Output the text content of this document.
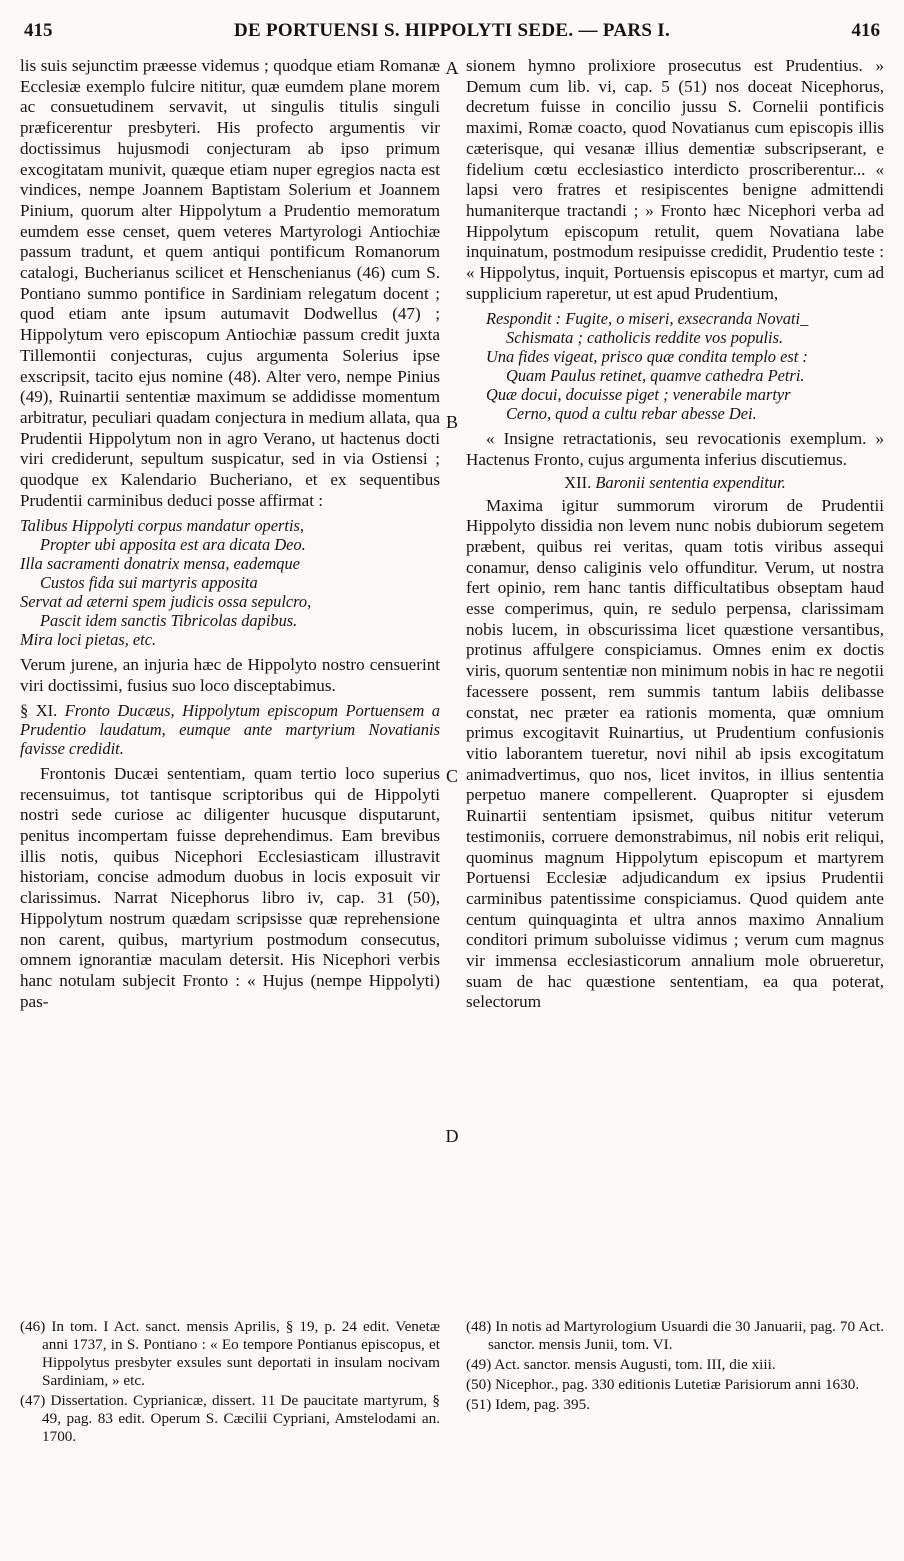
415	DE PORTUENSI S. HIPPOLYTI SEDE. — PARS I.	416
A
B
C
D

lis suis sejunctim præesse videmus ; quodque etiam Romanæ Ecclesiæ exemplo fulcire nititur, quæ eumdem plane morem ac consuetudinem servavit, ut singulis titulis singuli præficerentur presbyteri. His profecto argumentis vir doctissimus hujusmodi conjecturam ab ipso primum excogitatam munivit, quæque etiam nuper egregios nacta est vindices, nempe Joannem Baptistam Solerium et Joannem Pinium, quorum alter Hippolytum a Prudentio memoratum eumdem esse censet, quem veteres Martyrologi Antiochiæ passum tradunt, et quem antiqui pontificum Romanorum catalogi, Bucherianus scilicet et Henschenianus (46) cum S. Pontiano summo pontifice in Sardiniam relegatum docent ; quod etiam ante ipsum autumavit Dodwellus (47) ; Hippolytum vero episcopum Antiochiæ passum credit juxta Tillemontii conjecturas, cujus argumenta Solerius ipse exscripsit, tacito ejus nomine (48). Alter vero, nempe Pinius (49), Ruinartii sententiæ maximum se addidisse momentum arbitratur, peculiari quadam conjectura in medium allata, qua Prudentii Hippolytum non in agro Verano, ut hactenus docti viri crediderunt, sepultum suspicatur, sed in via Ostiensi ; quodque ex Kalendario Bucheriano, et ex sequentibus Prudentii carminibus deduci posse affirmat :

Talibus Hippolyti corpus mandatur opertis,
Propter ubi apposita est ara dicata Deo.
Illa sacramenti donatrix mensa, eademque
Custos fida sui martyris apposita
Servat ad æterni spem judicis ossa sepulcro,
Pascit idem sanctis Tibricolas dapibus.
Mira loci pietas, etc.

Verum jurene, an injuria hæc de Hippolyto nostro censuerint viri doctissimi, fusius suo loco disceptabimus.

§ XI. Fronto Ducæus, Hippolytum episcopum Portuensem a Prudentio laudatum, eumque ante martyrium Novatianis favisse credidit.

Frontonis Ducæi sententiam, quam tertio loco superius recensuimus, tot tantisque scriptoribus qui de Hippolyti nostri sede curiose ac diligenter hucusque disputarunt, penitus incompertam fuisse deprehendimus. Eam brevibus illis notis, quibus Nicephori Ecclesiasticam illustravit historiam, concise admodum duobus in locis exposuit vir clarissimus. Narrat Nicephorus libro iv, cap. 31 (50), Hippolytum nostrum quædam scripsisse quæ reprehensione non carent, quibus, martyrium postmodum consecutus, omnem ignorantiæ maculam detersit. His Nicephori verbis hanc notulam subjecit Fronto : « Hujus (nempe Hippolyti) pas-

sionem hymno prolixiore prosecutus est Prudentius. » Demum cum lib. vi, cap. 5 (51) nos doceat Nicephorus, decretum fuisse in concilio jussu S. Cornelii pontificis maximi, Romæ coacto, quod Novatianus cum episcopis illis cæterisque, qui vesanæ illius dementiæ subscripserant, e fidelium cœtu ecclesiastico interdicto proscriberentur... « lapsi vero fratres et resipiscentes benigne admittendi humaniterque tractandi ; » Fronto hæc Nicephori verba ad Hippolytum episcopum retulit, quem Novatiana labe inquinatum, postmodum resipuisse credidit, Prudentio teste : « Hippolytus, inquit, Portuensis episcopus et martyr, cum ad supplicium raperetur, ut est apud Prudentium,

Respondit : Fugite, o miseri, exsecranda Novati_
Schismata ; catholicis reddite vos populis.
Una fides vigeat, prisco quæ condita templo est :
Quam Paulus retinet, quamve cathedra Petri.
Quæ docui, docuisse piget ; venerabile martyr
Cerno, quod a cultu rebar abesse Dei.

« Insigne retractationis, seu revocationis exemplum. » Hactenus Fronto, cujus argumenta inferius discutiemus.

XII. Baronii sententia expenditur.

Maxima igitur summorum virorum de Prudentii Hippolyto dissidia non levem nunc nobis dubiorum segetem præbent, quibus rei veritas, quam totis viribus assequi conamur, denso caliginis velo offunditur. Verum, ut nostra fert opinio, rem hanc tantis difficultatibus obseptam haud esse comperimus, quin, re sedulo perpensa, clarissimam nobis lucem, in obscurissima licet quæstione versantibus, protinus affulgere conspiciamus. Omnes enim ex doctis viris, quorum sententiæ non minimum nobis in hac re negotii facessere possent, rem summis tantum labiis delibasse constat, nec præter ea rationis momenta, quæ omnium primus excogitavit Ruinartius, ut Prudentium confusionis vitio laborantem tueretur, novi nihil ab ipsis excogitatum animadvertimus, quo nos, licet invitos, in illius sententia perpetuo manere compellerent. Quapropter si ejusdem Ruinartii sententiam ipsismet, quibus nititur veterum testimoniis, corruere demonstrabimus, nil nobis erit reliqui, quominus magnum Hippolytum episcopum et martyrem Portuensi Ecclesiæ adjudicandum ex ipsius Prudentii carminibus patentissime conspiciamus. Quod quidem ante centum quinquaginta et ultra annos maximo Annalium conditori primum suboluisse vidimus ; verum cum magnus vir immensa ecclesiasticorum annalium mole obrueretur, suam de hac quæstione sententiam, ea qua poterat, selectorum

(46) In tom. I Act. sanct. mensis Aprilis, § 19, p. 24 edit. Venetæ anni 1737, in S. Pontiano : « Eo tempore Pontianus episcopus, et Hippolytus presbyter exsules sunt deportati in insulam nocivam Sardiniam, » etc.

(47) Dissertation. Cyprianicæ, dissert. 11 De paucitate martyrum, § 49, pag. 83 edit. Operum S. Cæcilii Cypriani, Amstelodami an. 1700.

(48) In notis ad Martyrologium Usuardi die 30 Januarii, pag. 70 Act. sanctor. mensis Junii, tom. VI.

(49) Act. sanctor. mensis Augusti, tom. III, die xiii.

(50) Nicephor., pag. 330 editionis Lutetiæ Parisiorum anni 1630.

(51) Idem, pag. 395.
